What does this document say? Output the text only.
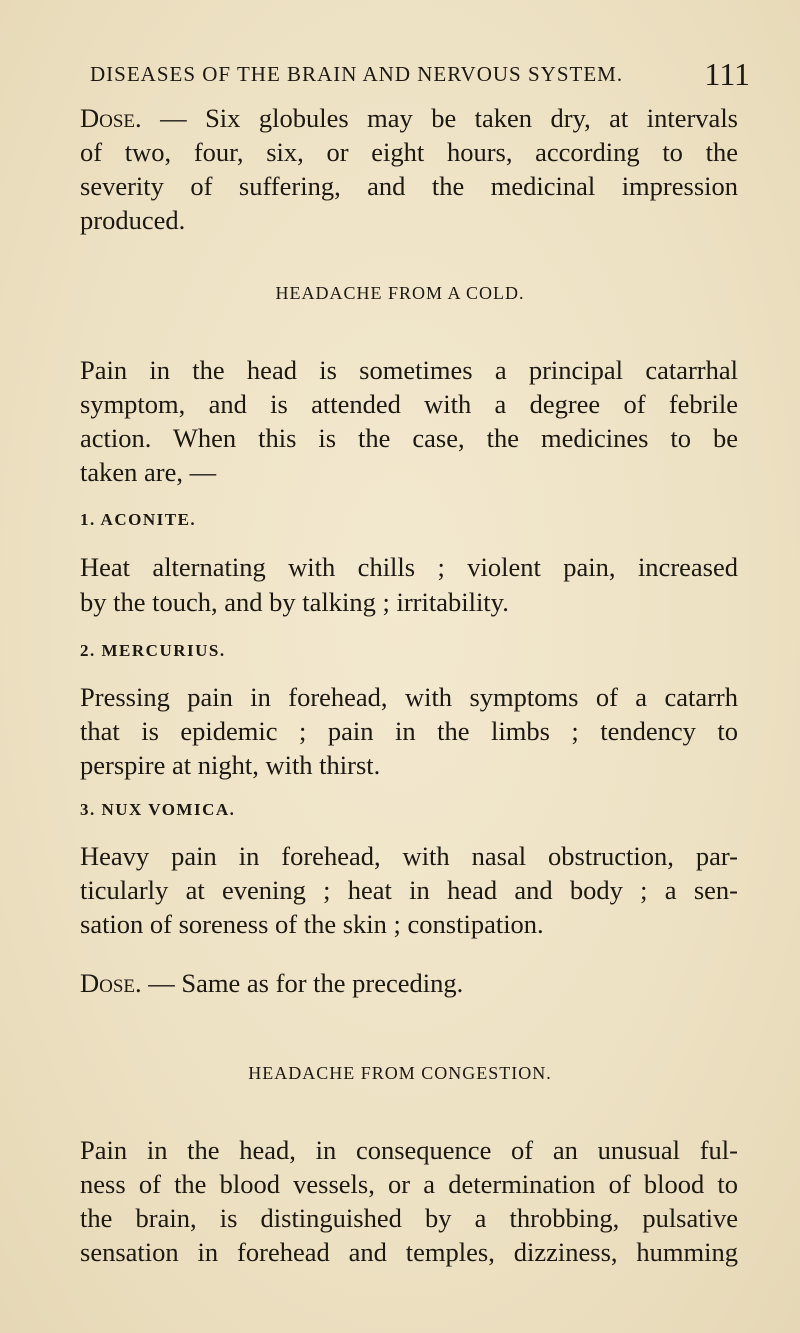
DISEASES OF THE BRAIN AND NERVOUS SYSTEM.	111

Dose. — Six globules may be taken dry, at intervals

of two, four, six, or eight hours, according to the

severity of suffering, and the medicinal impression

produced.

HEADACHE FROM A COLD.

Pain in the head is sometimes a principal catarrhal

symptom, and is attended with a degree of febrile

action. When this is the case, the medicines to be

taken are, —

1. ACONITE.

Heat alternating with chills ; violent pain, increased

by the touch, and by talking ; irritability.

2. MERCURIUS.

Pressing pain in forehead, with symptoms of a catarrh

that is epidemic ; pain in the limbs ; tendency to

perspire at night, with thirst.

3. NUX VOMICA.

Heavy pain in forehead, with nasal obstruction, par-

ticularly at evening ; heat in head and body ; a sen-

sation of soreness of the skin ; constipation.

Dose. — Same as for the preceding.

HEADACHE FROM CONGESTION.

Pain in the head, in consequence of an unusual ful-

ness of the blood vessels, or a determination of blood to

the brain, is distinguished by a throbbing, pulsative

sensation in forehead and temples, dizziness, humming
